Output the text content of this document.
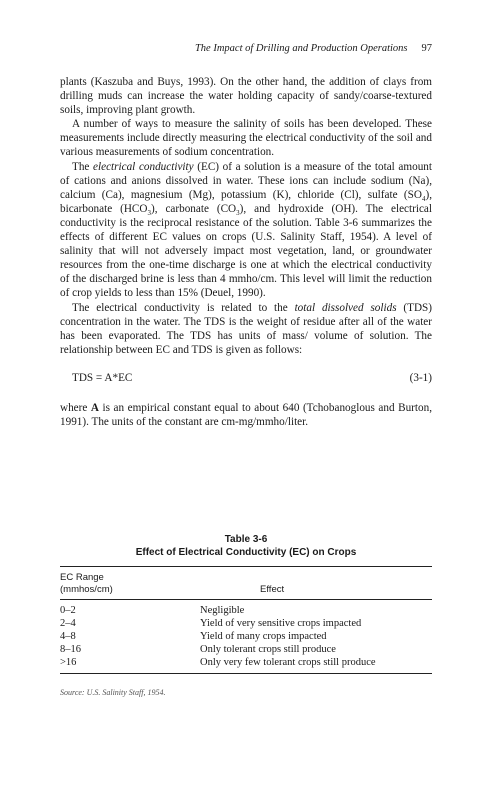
The Impact of Drilling and Production Operations 97

plants (Kaszuba and Buys, 1993). On the other hand, the addition of clays from drilling muds can increase the water holding capacity of sandy/coarse-textured soils, improving plant growth.

A number of ways to measure the salinity of soils has been developed. These measurements include directly measuring the electrical conductivity of the soil and various measurements of sodium concentration.

The electrical conductivity (EC) of a solution is a measure of the total amount of cations and anions dissolved in water. These ions can include sodium (Na), calcium (Ca), magnesium (Mg), potassium (K), chloride (Cl), sulfate $(SO_4)$, bicarbonate $(HCO_3)$, carbonate $(CO_3)$, and hydroxide (OH). The electrical conductivity is the reciprocal resistance of the solution. Table 3-6 summarizes the effects of different EC values on crops (U.S. Salinity Staff, 1954). A level of salinity that will not adversely impact most vegetation, land, or groundwater resources from the one-time discharge is one at which the electrical conductivity of the discharged brine is less than 4 mmho/cm. This level will limit the reduction of crop yields to less than 15% (Deuel, 1990).

The electrical conductivity is related to the total dissolved solids (TDS) concentration in the water. The TDS is the weight of residue after all of the water has been evaporated. The TDS has units of mass/ volume of solution. The relationship between EC and TDS is given as follows:

TDS = A*EC	(3-1)

where A is an empirical constant equal to about 640 (Tchobanoglous and Burton, 1991). The units of the constant are cm-mg/mmho/liter.

Table 3-6
Effect of Electrical Conductivity (EC) on Crops
EC Range
(mmhos/cm)	Effect
0–2	Negligible
2–4	Yield of very sensitive crops impacted
4–8	Yield of many crops impacted
8–16	Only tolerant crops still produce
>16	Only very few tolerant crops still produce
Source: U.S. Salinity Staff, 1954.
